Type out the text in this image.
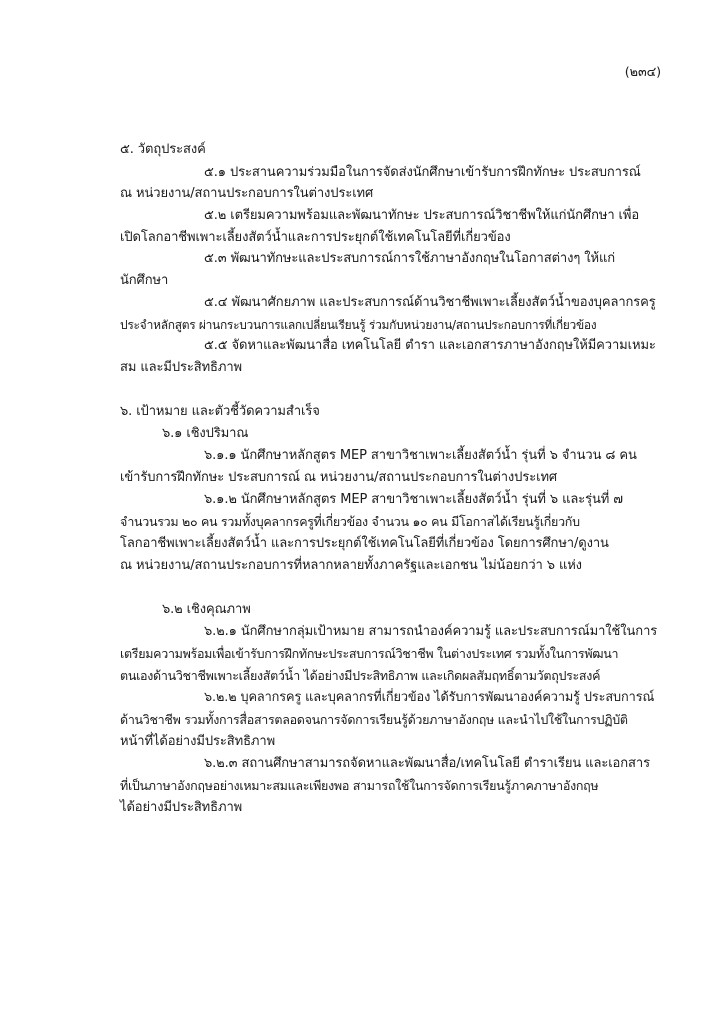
(๒๓๔)
๕. วัตถุประสงค์
๕.๑ ประสานความร่วมมือในการจัดส่งนักศึกษาเข้ารับการฝึกทักษะ ประสบการณ์
ณ หน่วยงาน/สถานประกอบการในต่างประเทศ
๕.๒ เตรียมความพร้อมและพัฒนาทักษะ ประสบการณ์วิชาชีพให้แก่นักศึกษา เพื่อ
เปิดโลกอาชีพเพาะเลี้ยงสัตว์น้ำและการประยุกต์ใช้เทคโนโลยีที่เกี่ยวข้อง
๕.๓ พัฒนาทักษะและประสบการณ์การใช้ภาษาอังกฤษในโอกาสต่างๆ ให้แก่
นักศึกษา
๕.๔ พัฒนาศักยภาพ และประสบการณ์ด้านวิชาชีพเพาะเลี้ยงสัตว์น้ำของบุคลากรครู
ประจำหลักสูตร ผ่านกระบวนการแลกเปลี่ยนเรียนรู้ ร่วมกับหน่วยงาน/สถานประกอบการที่เกี่ยวข้อง
๕.๕ จัดหาและพัฒนาสื่อ เทคโนโลยี ตำรา และเอกสารภาษาอังกฤษให้มีความเหมะ
สม และมีประสิทธิภาพ
๖. เป้าหมาย และตัวชี้วัดความสำเร็จ
๖.๑ เชิงปริมาณ
๖.๑.๑ นักศึกษาหลักสูตร MEP สาขาวิชาเพาะเลี้ยงสัตว์น้ำ รุ่นที่ ๖ จำนวน ๘ คน
เข้ารับการฝึกทักษะ ประสบการณ์ ณ หน่วยงาน/สถานประกอบการในต่างประเทศ
๖.๑.๒ นักศึกษาหลักสูตร MEP สาขาวิชาเพาะเลี้ยงสัตว์น้ำ รุ่นที่ ๖ และรุ่นที่ ๗
จำนวนรวม ๒๐ คน รวมทั้งบุคลากรครูที่เกี่ยวข้อง จำนวน ๑๐ คน มีโอกาสได้เรียนรู้เกี่ยวกับ
โลกอาชีพเพาะเลี้ยงสัตว์น้ำ และการประยุกต์ใช้เทคโนโลยีที่เกี่ยวข้อง โดยการศึกษา/ดูงาน
ณ หน่วยงาน/สถานประกอบการที่หลากหลายทั้งภาครัฐและเอกชน ไม่น้อยกว่า ๖ แห่ง
๖.๒ เชิงคุณภาพ
๖.๒.๑ นักศึกษากลุ่มเป้าหมาย สามารถนำองค์ความรู้ และประสบการณ์มาใช้ในการ
เตรียมความพร้อมเพื่อเข้ารับการฝึกทักษะประสบการณ์วิชาชีพ ในต่างประเทศ รวมทั้งในการพัฒนา
ตนเองด้านวิชาชีพเพาะเลี้ยงสัตว์น้ำ ได้อย่างมีประสิทธิภาพ และเกิดผลสัมฤทธิ์ตามวัตถุประสงค์
๖.๒.๒ บุคลากรครู และบุคลากรที่เกี่ยวข้อง ได้รับการพัฒนาองค์ความรู้ ประสบการณ์
ด้านวิชาชีพ รวมทั้งการสื่อสารตลอดจนการจัดการเรียนรู้ด้วยภาษาอังกฤษ และนำไปใช้ในการปฏิบัติ
หน้าที่ได้อย่างมีประสิทธิภาพ
๖.๒.๓ สถานศึกษาสามารถจัดหาและพัฒนาสื่อ/เทคโนโลยี ตำราเรียน และเอกสาร
ที่เป็นภาษาอังกฤษอย่างเหมาะสมและเพียงพอ สามารถใช้ในการจัดการเรียนรู้ภาคภาษาอังกฤษ
ได้อย่างมีประสิทธิภาพ
